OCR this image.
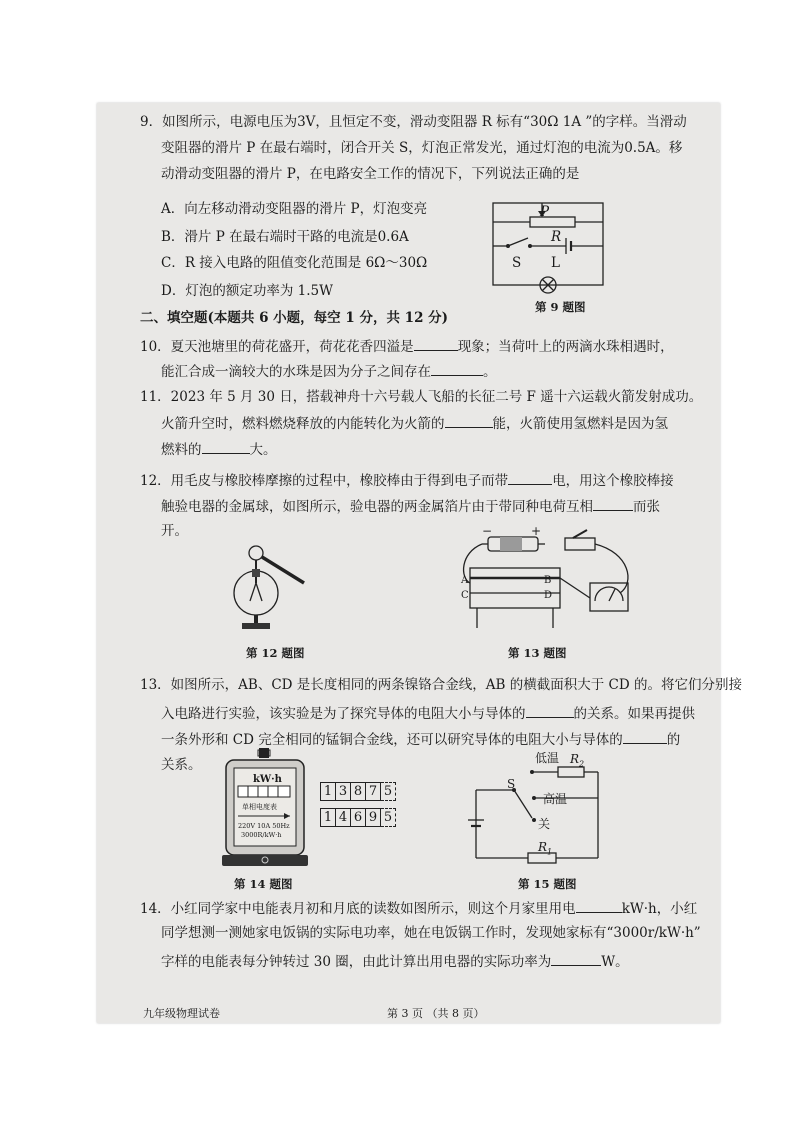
9．如图所示，电源电压为3V，且恒定不变，滑动变阻器 R 标有“30Ω 1A ”的字样。当滑动
变阻器的滑片 P 在最右端时，闭合开关 S，灯泡正常发光，通过灯泡的电流为0.5A。移
动滑动变阻器的滑片 P，在电路安全工作的情况下，下列说法正确的是
A．向左移动滑动变阻器的滑片 P，灯泡变亮
B．滑片 P 在最右端时干路的电流是0.6A
C．R 接入电路的阻值变化范围是 6Ω～30Ω
D．灯泡的额定功率为 1.5W
P
R
S L
第 9 题图
二、填空题(本题共 6 小题，每空 1 分，共 12 分)
10．夏天池塘里的荷花盛开，荷花花香四溢是	现象；当荷叶上的两滴水珠相遇时，
能汇合成一滴较大的水珠是因为分子之间存在	。
11．2023 年 5 月 30 日，搭载神舟十六号载人飞船的长征二号 F 遥十六运载火箭发射成功。
火箭升空时，燃料燃烧释放的内能转化为火箭的	能，火箭使用氢燃料是因为氢
燃料的	大。
12．用毛皮与橡胶棒摩擦的过程中，橡胶棒由于得到电子而带	电，用这个橡胶棒接
触验电器的金属球，如图所示，验电器的两金属箔片由于带同种电荷互相	而张
开。
第 12 题图
−	+
A	B
C	D
第 13 题图
13．如图所示，AB、CD 是长度相同的两条镍铬合金线，AB 的横截面积大于 CD 的。将它们分别接
入电路进行实验，该实验是为了探究导体的电阻大小与导体的	的关系。如果再提供
一条外形和 CD 完全相同的锰铜合金线，还可以研究导体的电阻大小与导体的	的
关系。
kW·h
单相电度表
220V 10A 50Hz
3000R/kW·h
1 3 8 7 5
1 4 6 9 5
第 14 题图
低温 $R_2$
S
高温
关
$R_1$
第 15 题图
14．小红同学家中电能表月初和月底的读数如图所示，则这个月家里用电	kW·h，小红
同学想测一测她家电饭锅的实际电功率，她在电饭锅工作时，发现她家标有“3000r/kW·h”
字样的电能表每分钟转过 30 圈，由此计算出用电器的实际功率为	W。
九年级物理试卷	第 3 页 （共 8 页）
